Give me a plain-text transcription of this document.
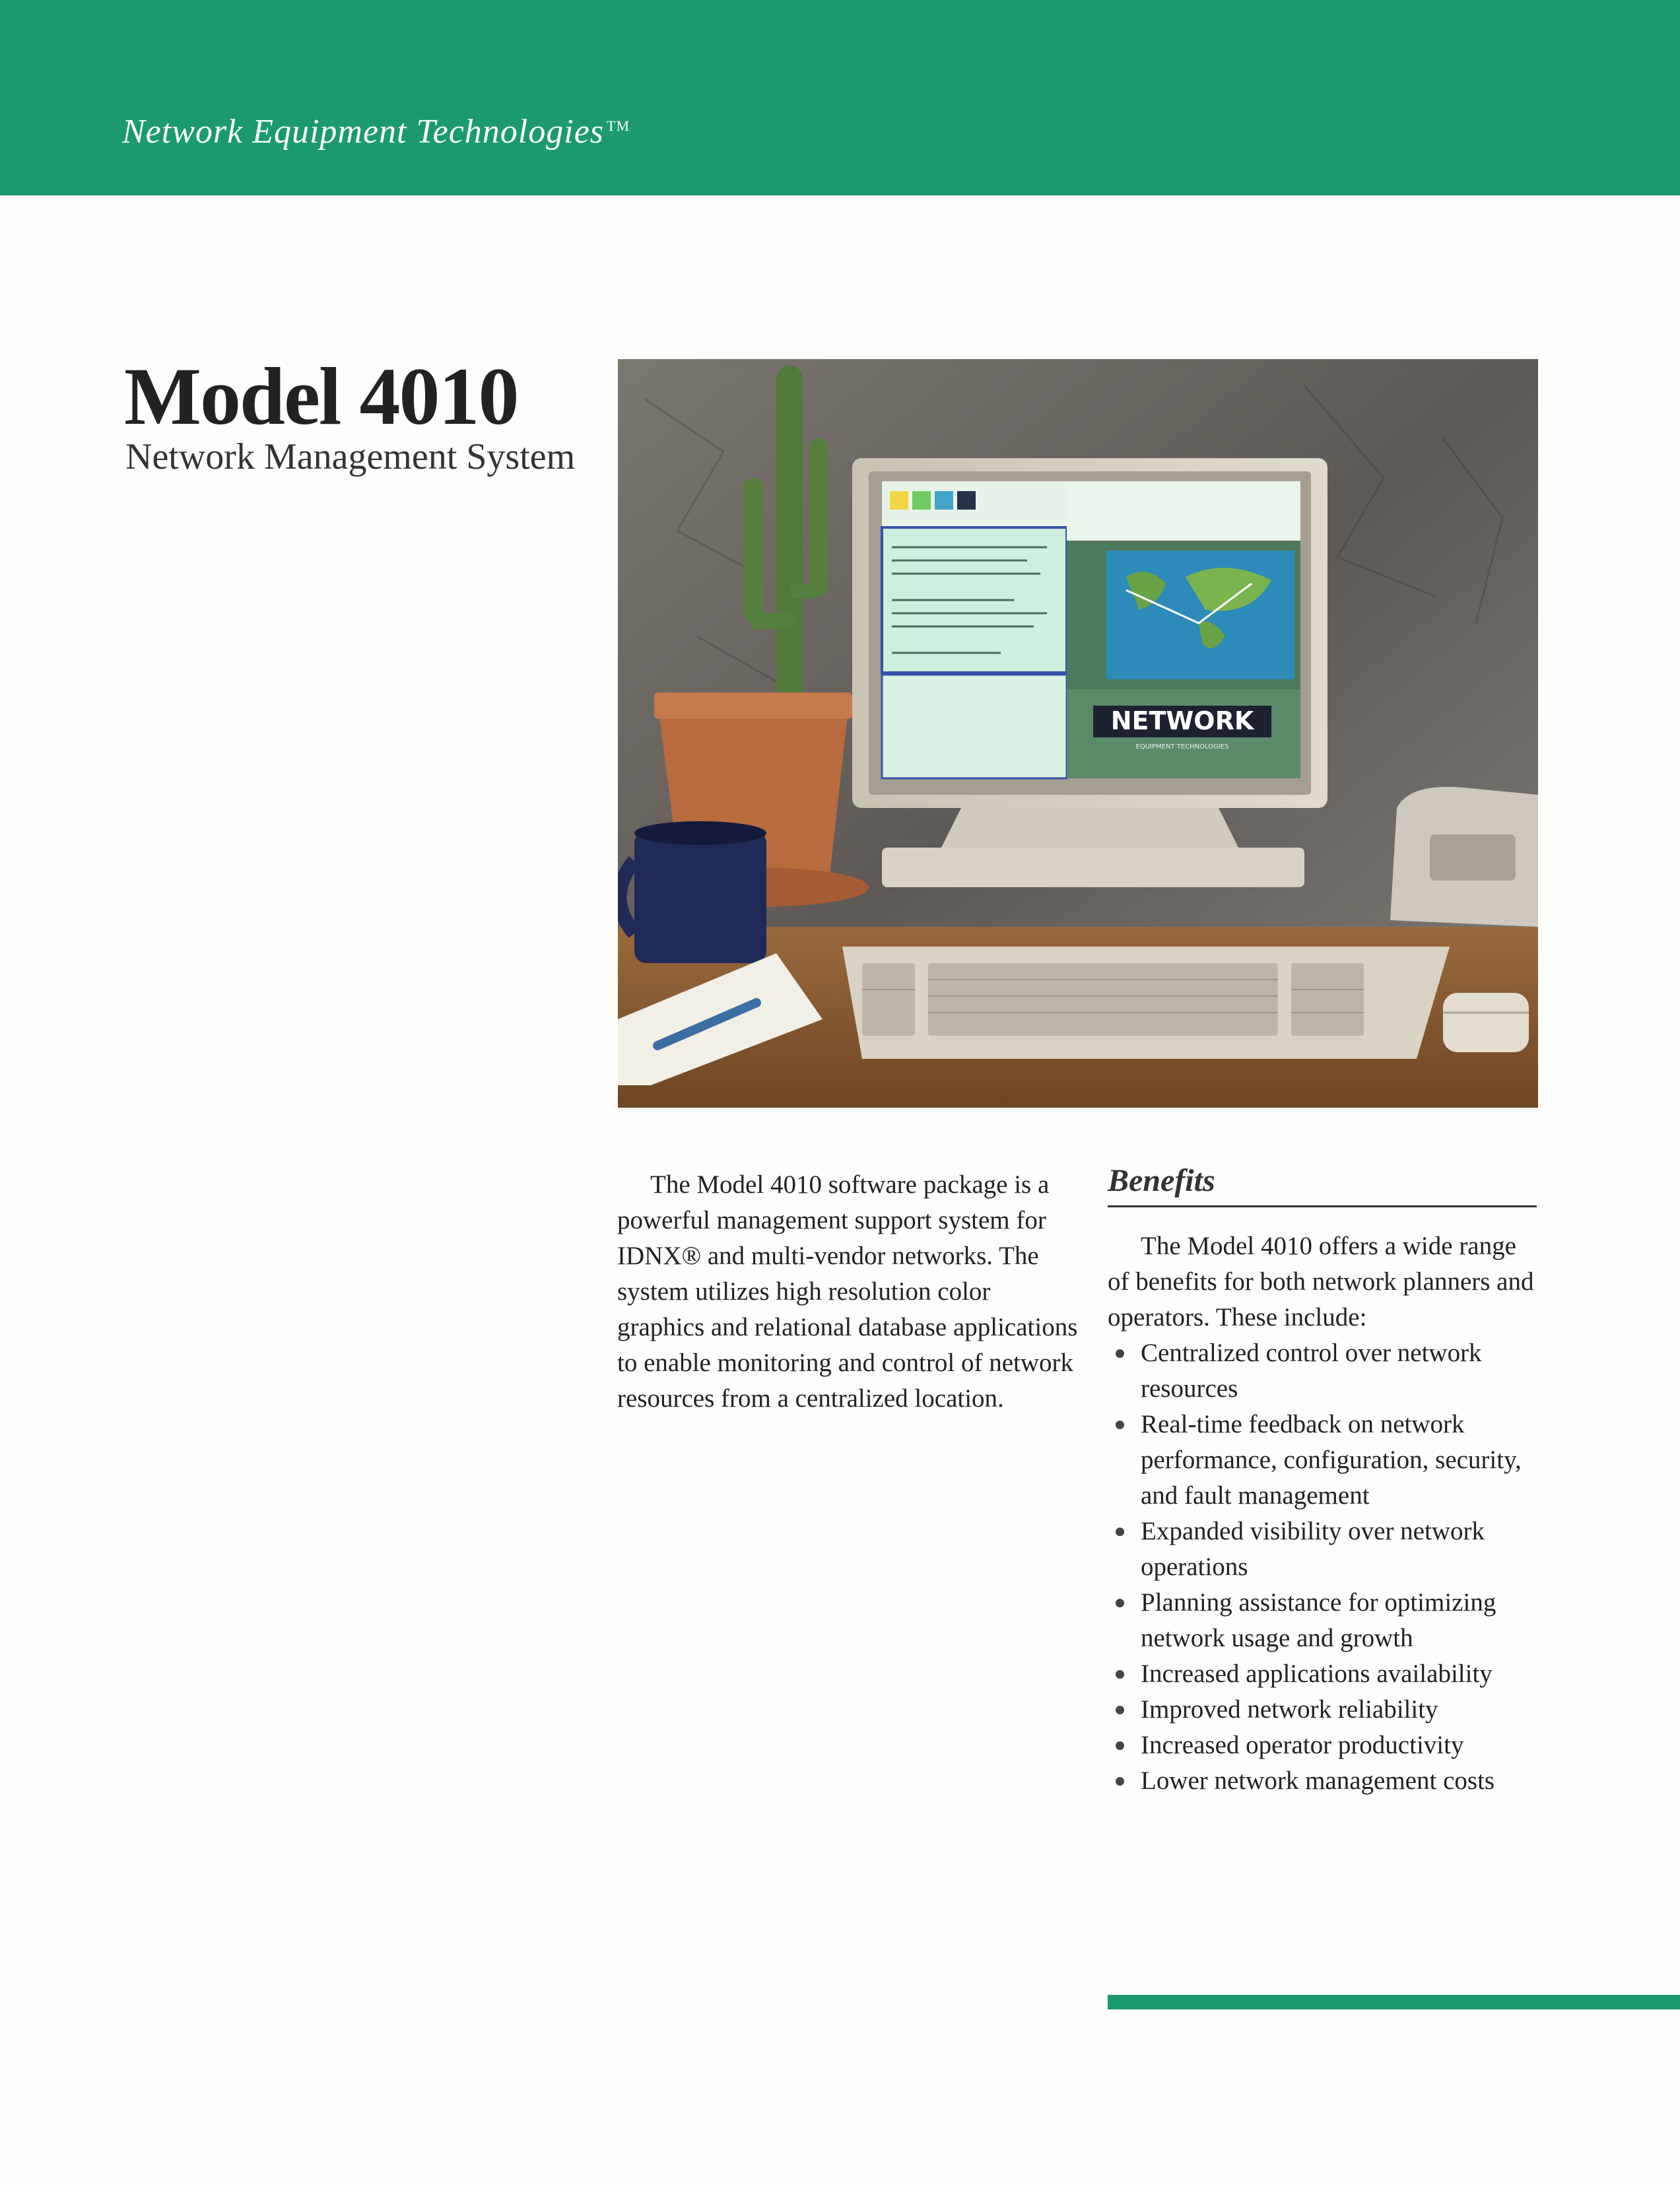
Network Equipment Technologies ™
Model 4010
Network Management System
NETWORK
EQUIPMENT TECHNOLOGIES

The Model 4010 software package is a powerful management support system for IDNX® and multi-vendor networks. The system utilizes high resolution color graphics and relational database applications to enable monitoring and control of network resources from a centralized location.

Benefits

The Model 4010 offers a wide range of benefits for both network planners and operators. These include:

Centralized control over network resources
Real-time feedback on network performance, configuration, security, and fault management
Expanded visibility over network operations
Planning assistance for optimizing network usage and growth
Increased applications availability
Improved network reliability
Increased operator productivity
Lower network management costs
